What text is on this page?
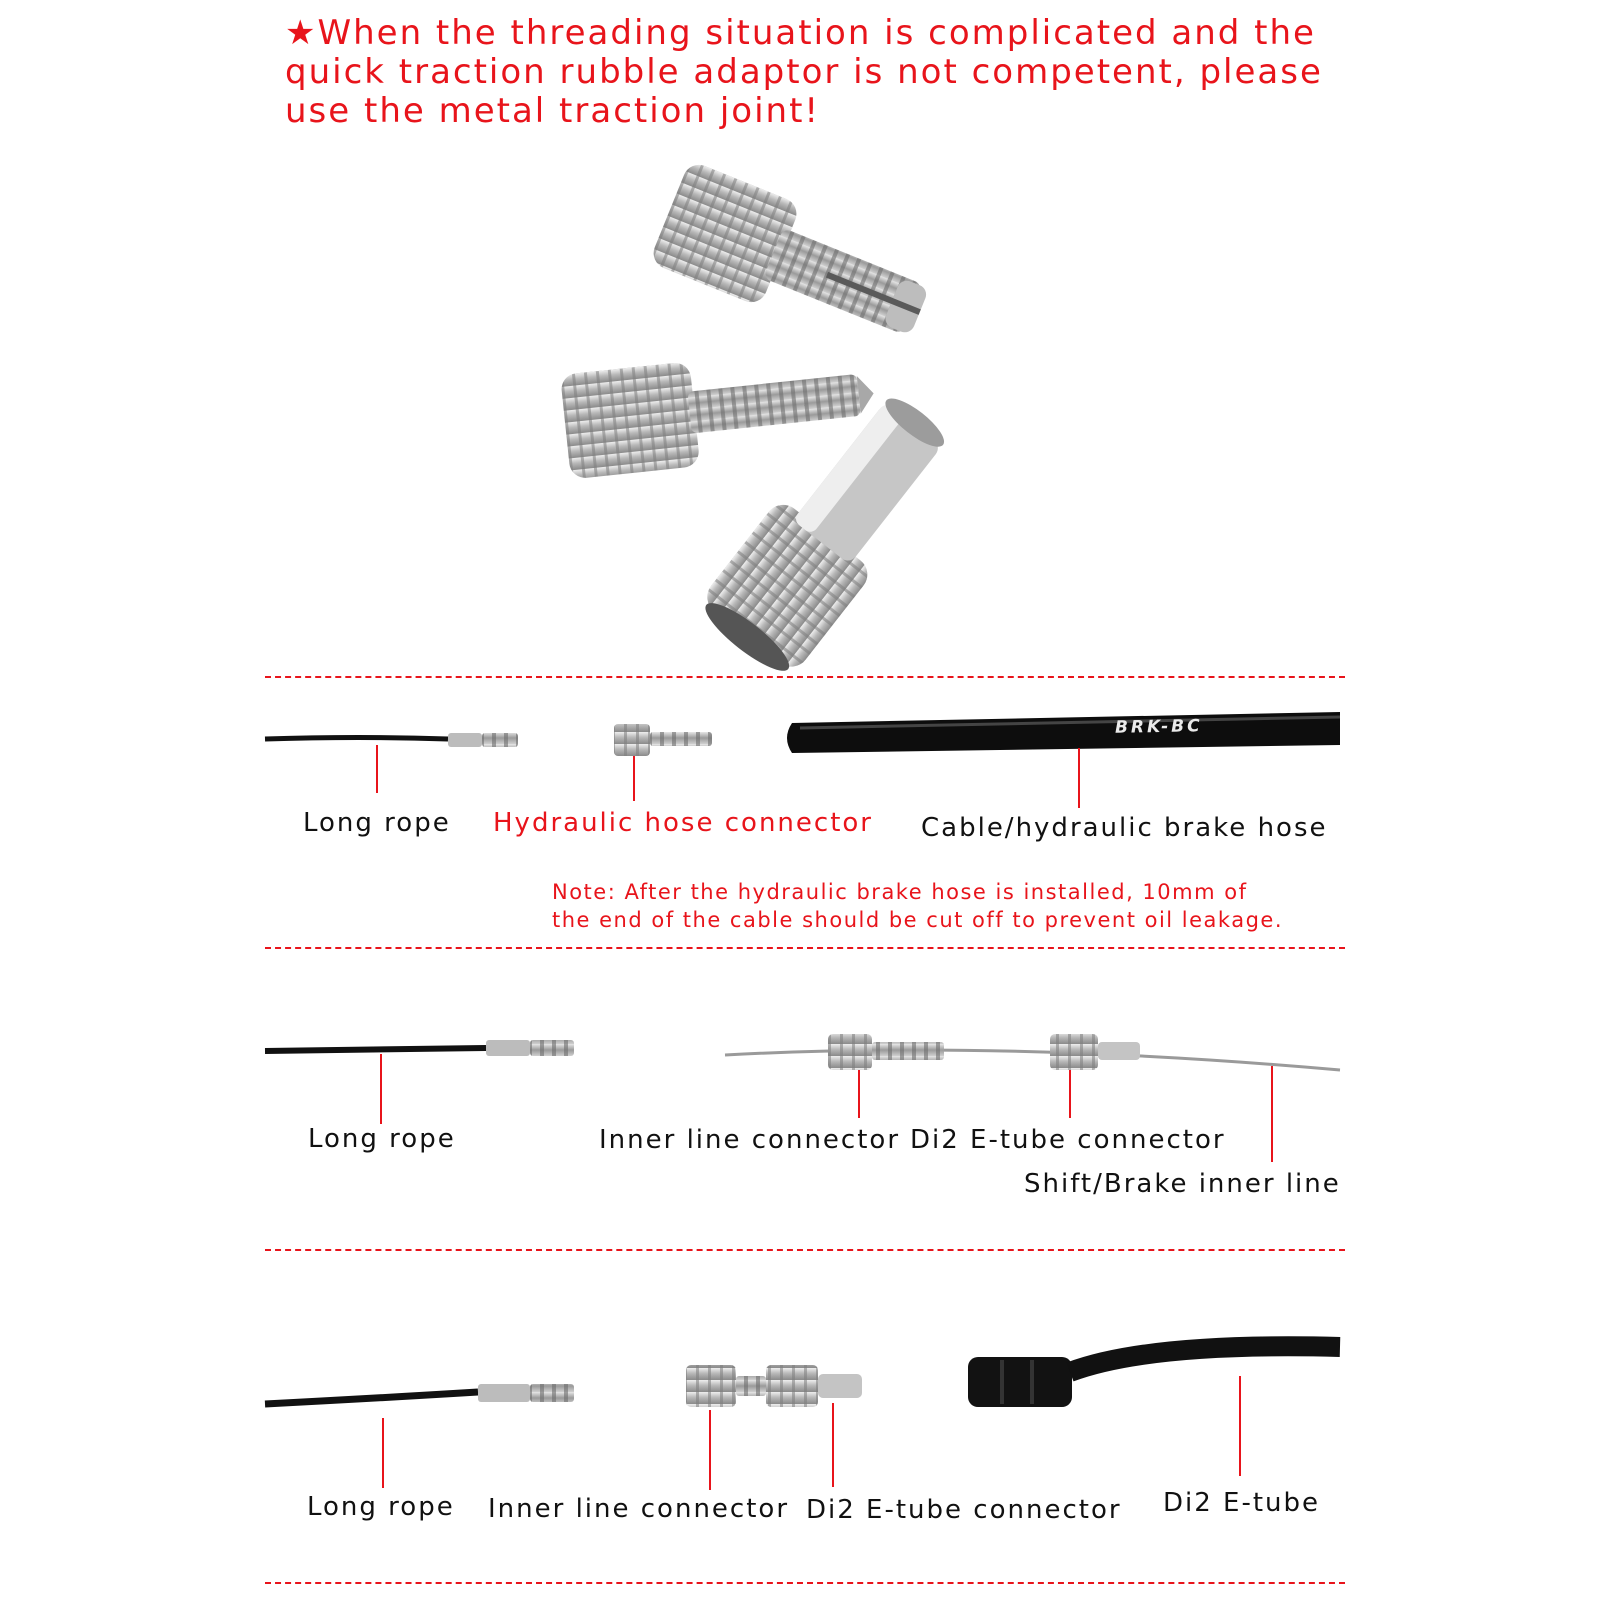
★When the threading situation is complicated and the quick traction rubble adaptor is not competent, please use the metal traction joint!
BRK-BC
Long rope Hydraulic hose connector Cable/hydraulic brake hose
Note: After the hydraulic brake hose is installed, 10mm of
the end of the cable should be cut off to prevent oil leakage.
Long rope	Inner line connector Di2 E-tube connector
Shift/Brake inner line
Long rope Inner line connector Di2 E-tube connector Di2 E-tube
